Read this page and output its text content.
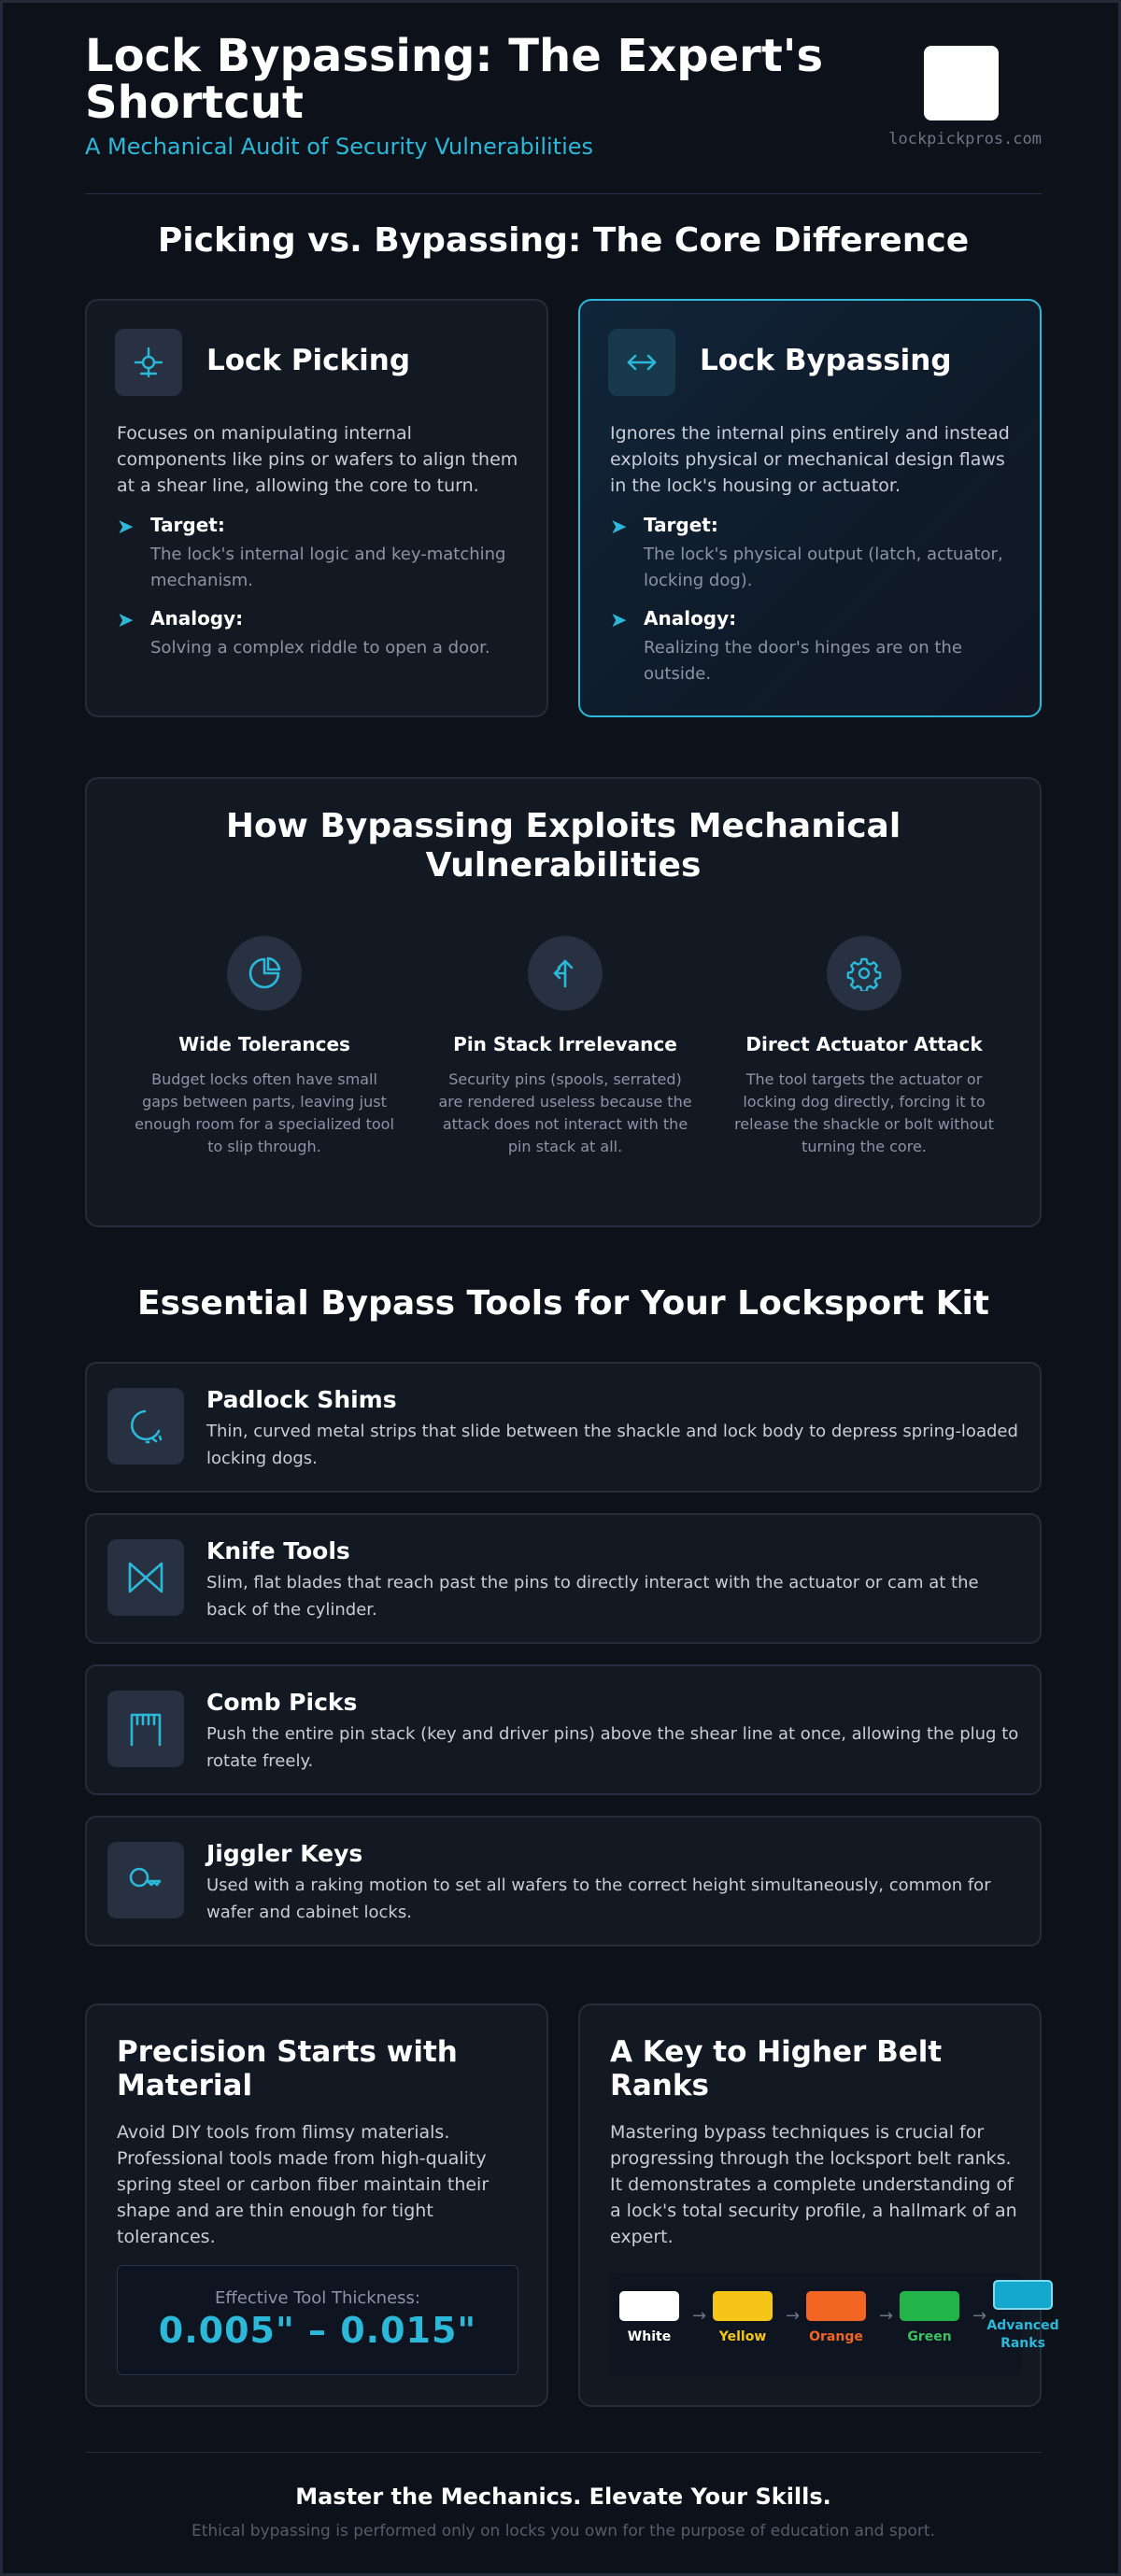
Lock Bypassing: The Expert's Shortcut
A Mechanical Audit of Security Vulnerabilities	lockpickpros.com
Picking vs. Bypassing: The Core Difference
Lock Picking
Focuses on manipulating internal components like pins or wafers to align them at a shear line, allowing the core to turn.
➤ Target:
The lock's internal logic and key-matching mechanism.
➤ Analogy:
Solving a complex riddle to open a door.
Lock Bypassing
Ignores the internal pins entirely and instead exploits physical or mechanical design flaws in the lock's housing or actuator.
➤ Target:
The lock's physical output (latch, actuator, locking dog).
➤ Analogy:
Realizing the door's hinges are on the outside.
How Bypassing Exploits Mechanical Vulnerabilities
Wide Tolerances
Budget locks often have small gaps between parts, leaving just enough room for a specialized tool to slip through.
Pin Stack Irrelevance
Security pins (spools, serrated) are rendered useless because the attack does not interact with the pin stack at all.
Direct Actuator Attack
The tool targets the actuator or locking dog directly, forcing it to release the shackle or bolt without turning the core.
Essential Bypass Tools for Your Locksport Kit
Padlock Shims
Thin, curved metal strips that slide between the shackle and lock body to depress spring-loaded locking dogs.
Knife Tools
Slim, flat blades that reach past the pins to directly interact with the actuator or cam at the back of the cylinder.
Comb Picks
Push the entire pin stack (key and driver pins) above the shear line at once, allowing the plug to rotate freely.
Jiggler Keys
Used with a raking motion to set all wafers to the correct height simultaneously, common for wafer and cabinet locks.
Precision Starts with Material
Avoid DIY tools from flimsy materials. Professional tools made from high-quality spring steel or carbon fiber maintain their shape and are thin enough for tight tolerances.
Effective Tool Thickness:
0.005" – 0.015"
A Key to Higher Belt Ranks
Mastering bypass techniques is crucial for progressing through the locksport belt ranks. It demonstrates a complete understanding of a lock's total security profile, a hallmark of an expert.
White
→
Yellow
→
Orange
→
Green
→ Advanced Ranks
Master the Mechanics. Elevate Your Skills.
Ethical bypassing is performed only on locks you own for the purpose of education and sport.
